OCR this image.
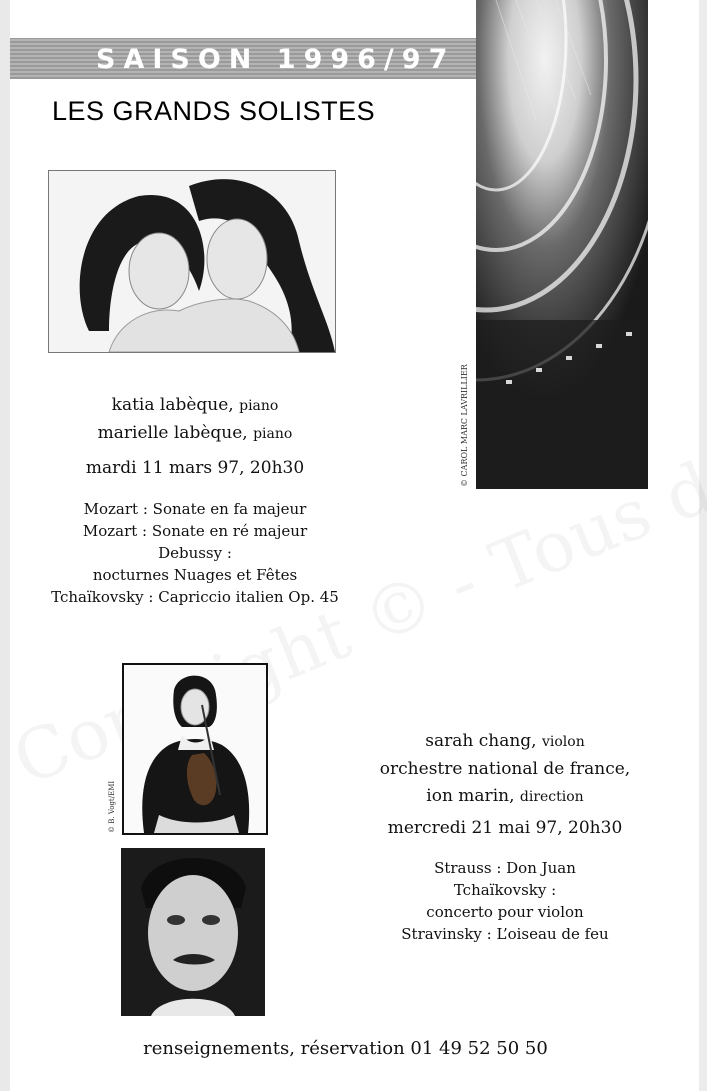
SAISON 1996/97
LES GRANDS SOLISTES
© CAROL MARC LAVRILLIER
katia labèque, piano
marielle labèque, piano
mardi 11 mars 97, 20h30
Mozart : Sonate en fa majeur
Mozart : Sonate en ré majeur
Debussy :
nocturnes Nuages et Fêtes
Tchaïkovsky : Capriccio italien Op. 45
© B. Vogt/EMI
sarah chang, violon
orchestre national de france,
ion marin, direction
mercredi 21 mai 97, 20h30
Strauss : Don Juan
Tchaïkovsky :
concerto pour violon
Stravinsky : L’oiseau de feu
renseignements, réservation 01 49 52 50 50
